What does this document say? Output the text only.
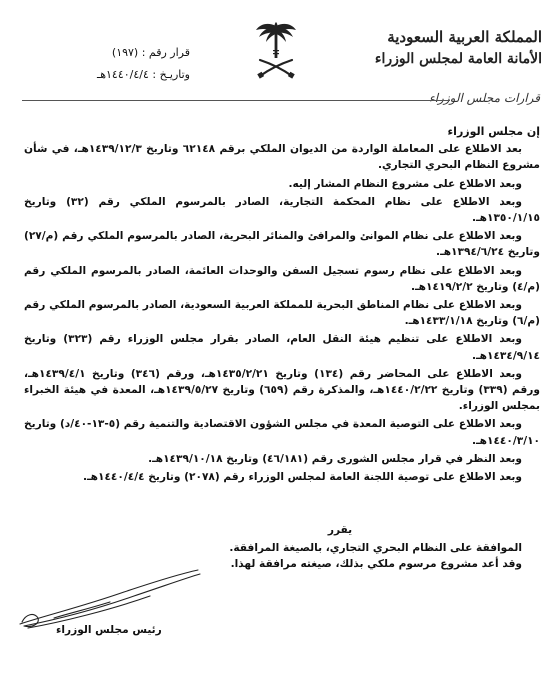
المملكة العربية السعودية
الأمانة العامة لمجلس الوزراء
قرار رقم : (١٩٧)
وتاريـخ : ١٤٤٠/٤/٤هـ
قرارات مجلس الوزراء

إن مجلس الوزراء

بعد الاطلاع على المعاملة الواردة من الديوان الملكي برقم ٦٢١٤٨ وتاريخ ١٤٣٩/١٢/٣هـ، في شأن مشروع النظام البحري التجاري.

وبعد الاطلاع على مشروع النظام المشار إليه.

وبعد الاطلاع على نظام المحكمة التجارية، الصادر بالمرسوم الملكي رقم (٣٢) وتاريخ ١٣٥٠/١/١٥هـ.

وبعد الاطلاع على نظام الموانئ والمرافئ والمنائر البحرية، الصادر بالمرسوم الملكي رقم (م/٢٧) وتاريخ ١٣٩٤/٦/٢٤هـ.

وبعد الاطلاع على نظام رسوم تسجيل السفن والوحدات العائمة، الصادر بالمرسوم الملكي رقم (م/٤) وتاريخ ١٤١٩/٢/٢هـ.

وبعد الاطلاع على نظام المناطق البحرية للمملكة العربية السعودية، الصادر بالمرسوم الملكي رقم (م/٦) وتاريخ ١٤٣٣/١/١٨هـ.

وبعد الاطلاع على تنظيم هيئة النقل العام، الصادر بقرار مجلس الوزراء رقم (٣٢٣) وتاريخ ١٤٣٤/٩/١٤هـ.

وبعد الاطلاع على المحاضر رقم (١٣٤) وتاريخ ١٤٣٥/٢/٢١هـ، ورقم (٣٤٦) وتاريخ ١٤٣٩/٤/١هـ، ورقم (٣٣٩) وتاريخ ١٤٤٠/٢/٢٢هـ، والمذكرة رقم (٦٥٩) وتاريخ ١٤٣٩/٥/٢٧هـ، المعدة في هيئة الخبراء بمجلس الوزراء.

وبعد الاطلاع على التوصية المعدة في مجلس الشؤون الاقتصادية والتنمية رقم (٥-١٣-٤٠/د) وتاريخ ١٤٤٠/٣/١٠هـ.

وبعد النظر في قرار مجلس الشورى رقم (٤٦/١٨١) وتاريخ ١٤٣٩/١٠/١٨هـ.

وبعد الاطلاع على توصية اللجنة العامة لمجلس الوزراء رقم (٢٠٧٨) وتاريخ ١٤٤٠/٤/٤هـ.

يقرر

الموافقة على النظام البحري التجاري، بالصيغة المرافقة.

وقد أعد مشروع مرسوم ملكي بذلك، صيغته مرافقة لهذا.

رئيس مجلس الوزراء
